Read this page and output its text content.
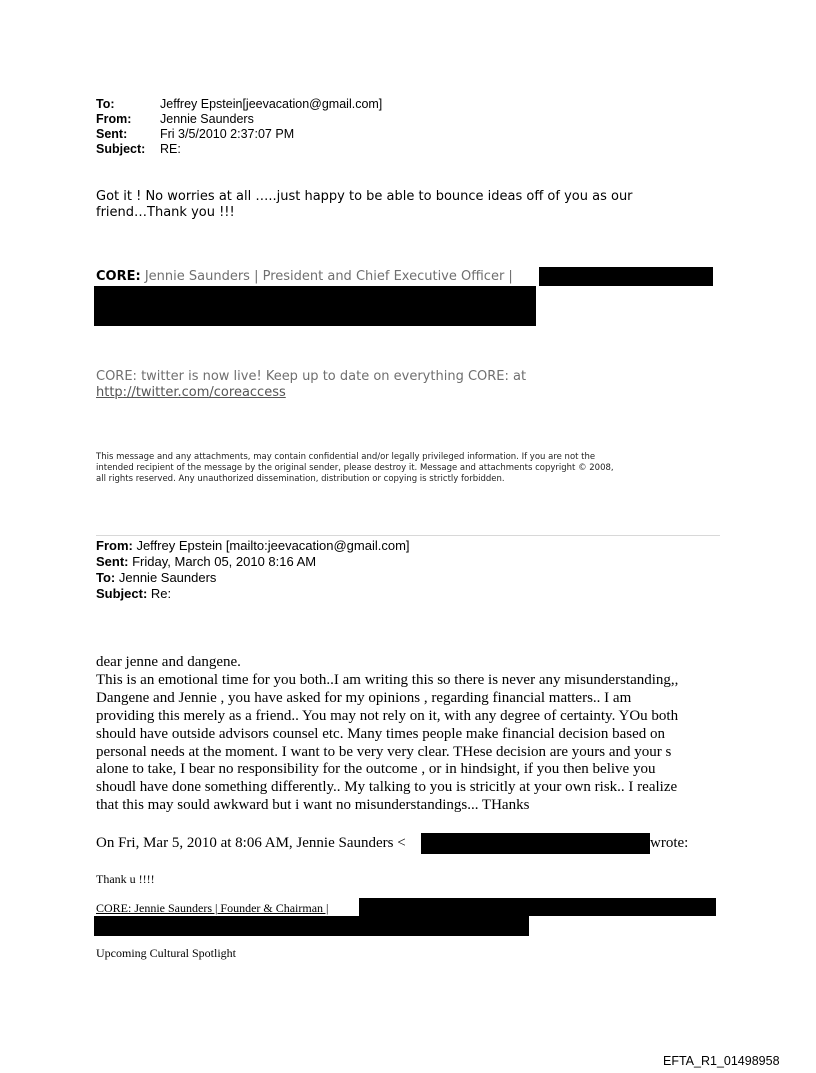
To:	Jeffrey Epstein[jeevacation@gmail.com]
From: Jennie Saunders
Sent:	Fri 3/5/2010 2:37:07 PM
Subject: RE:
Got it ! No worries at all …..just happy to be able to bounce ideas off of you as our
friend…Thank you !!!
CORE: Jennie Saunders | President and Chief Executive Officer |
CORE: twitter is now live! Keep up to date on everything CORE: at
http://twitter.com/coreaccess
This message and any attachments, may contain confidential and/or legally privileged information. If you are not the
intended recipient of the message by the original sender, please destroy it. Message and attachments copyright © 2008,
all rights reserved. Any unauthorized dissemination, distribution or copying is strictly forbidden.
From: Jeffrey Epstein [mailto:jeevacation@gmail.com]
Sent: Friday, March 05, 2010 8:16 AM
To: Jennie Saunders
Subject: Re:
dear jenne and dangene.
This is an emotional time for you both..I am writing this so there is never any misunderstanding,,
Dangene and Jennie , you have asked for my opinions , regarding financial matters.. I am
providing this merely as a friend.. You may not rely on it, with any degree of certainty. YOu both
should have outside advisors counsel etc. Many times people make financial decision based on
personal needs at the moment. I want to be very very clear. THese decision are yours and your s
alone to take, I bear no responsibility for the outcome , or in hindsight, if you then belive you
shoudl have done something differently.. My talking to you is stricitly at your own risk.. I realize
that this may sould awkward but i want no misunderstandings... THanks
On Fri, Mar 5, 2010 at 8:06 AM, Jennie Saunders <	wrote:
Thank u !!!!
CORE: Jennie Saunders | Founder & Chairman |
Upcoming Cultural Spotlight
EFTA_R1_01498958
